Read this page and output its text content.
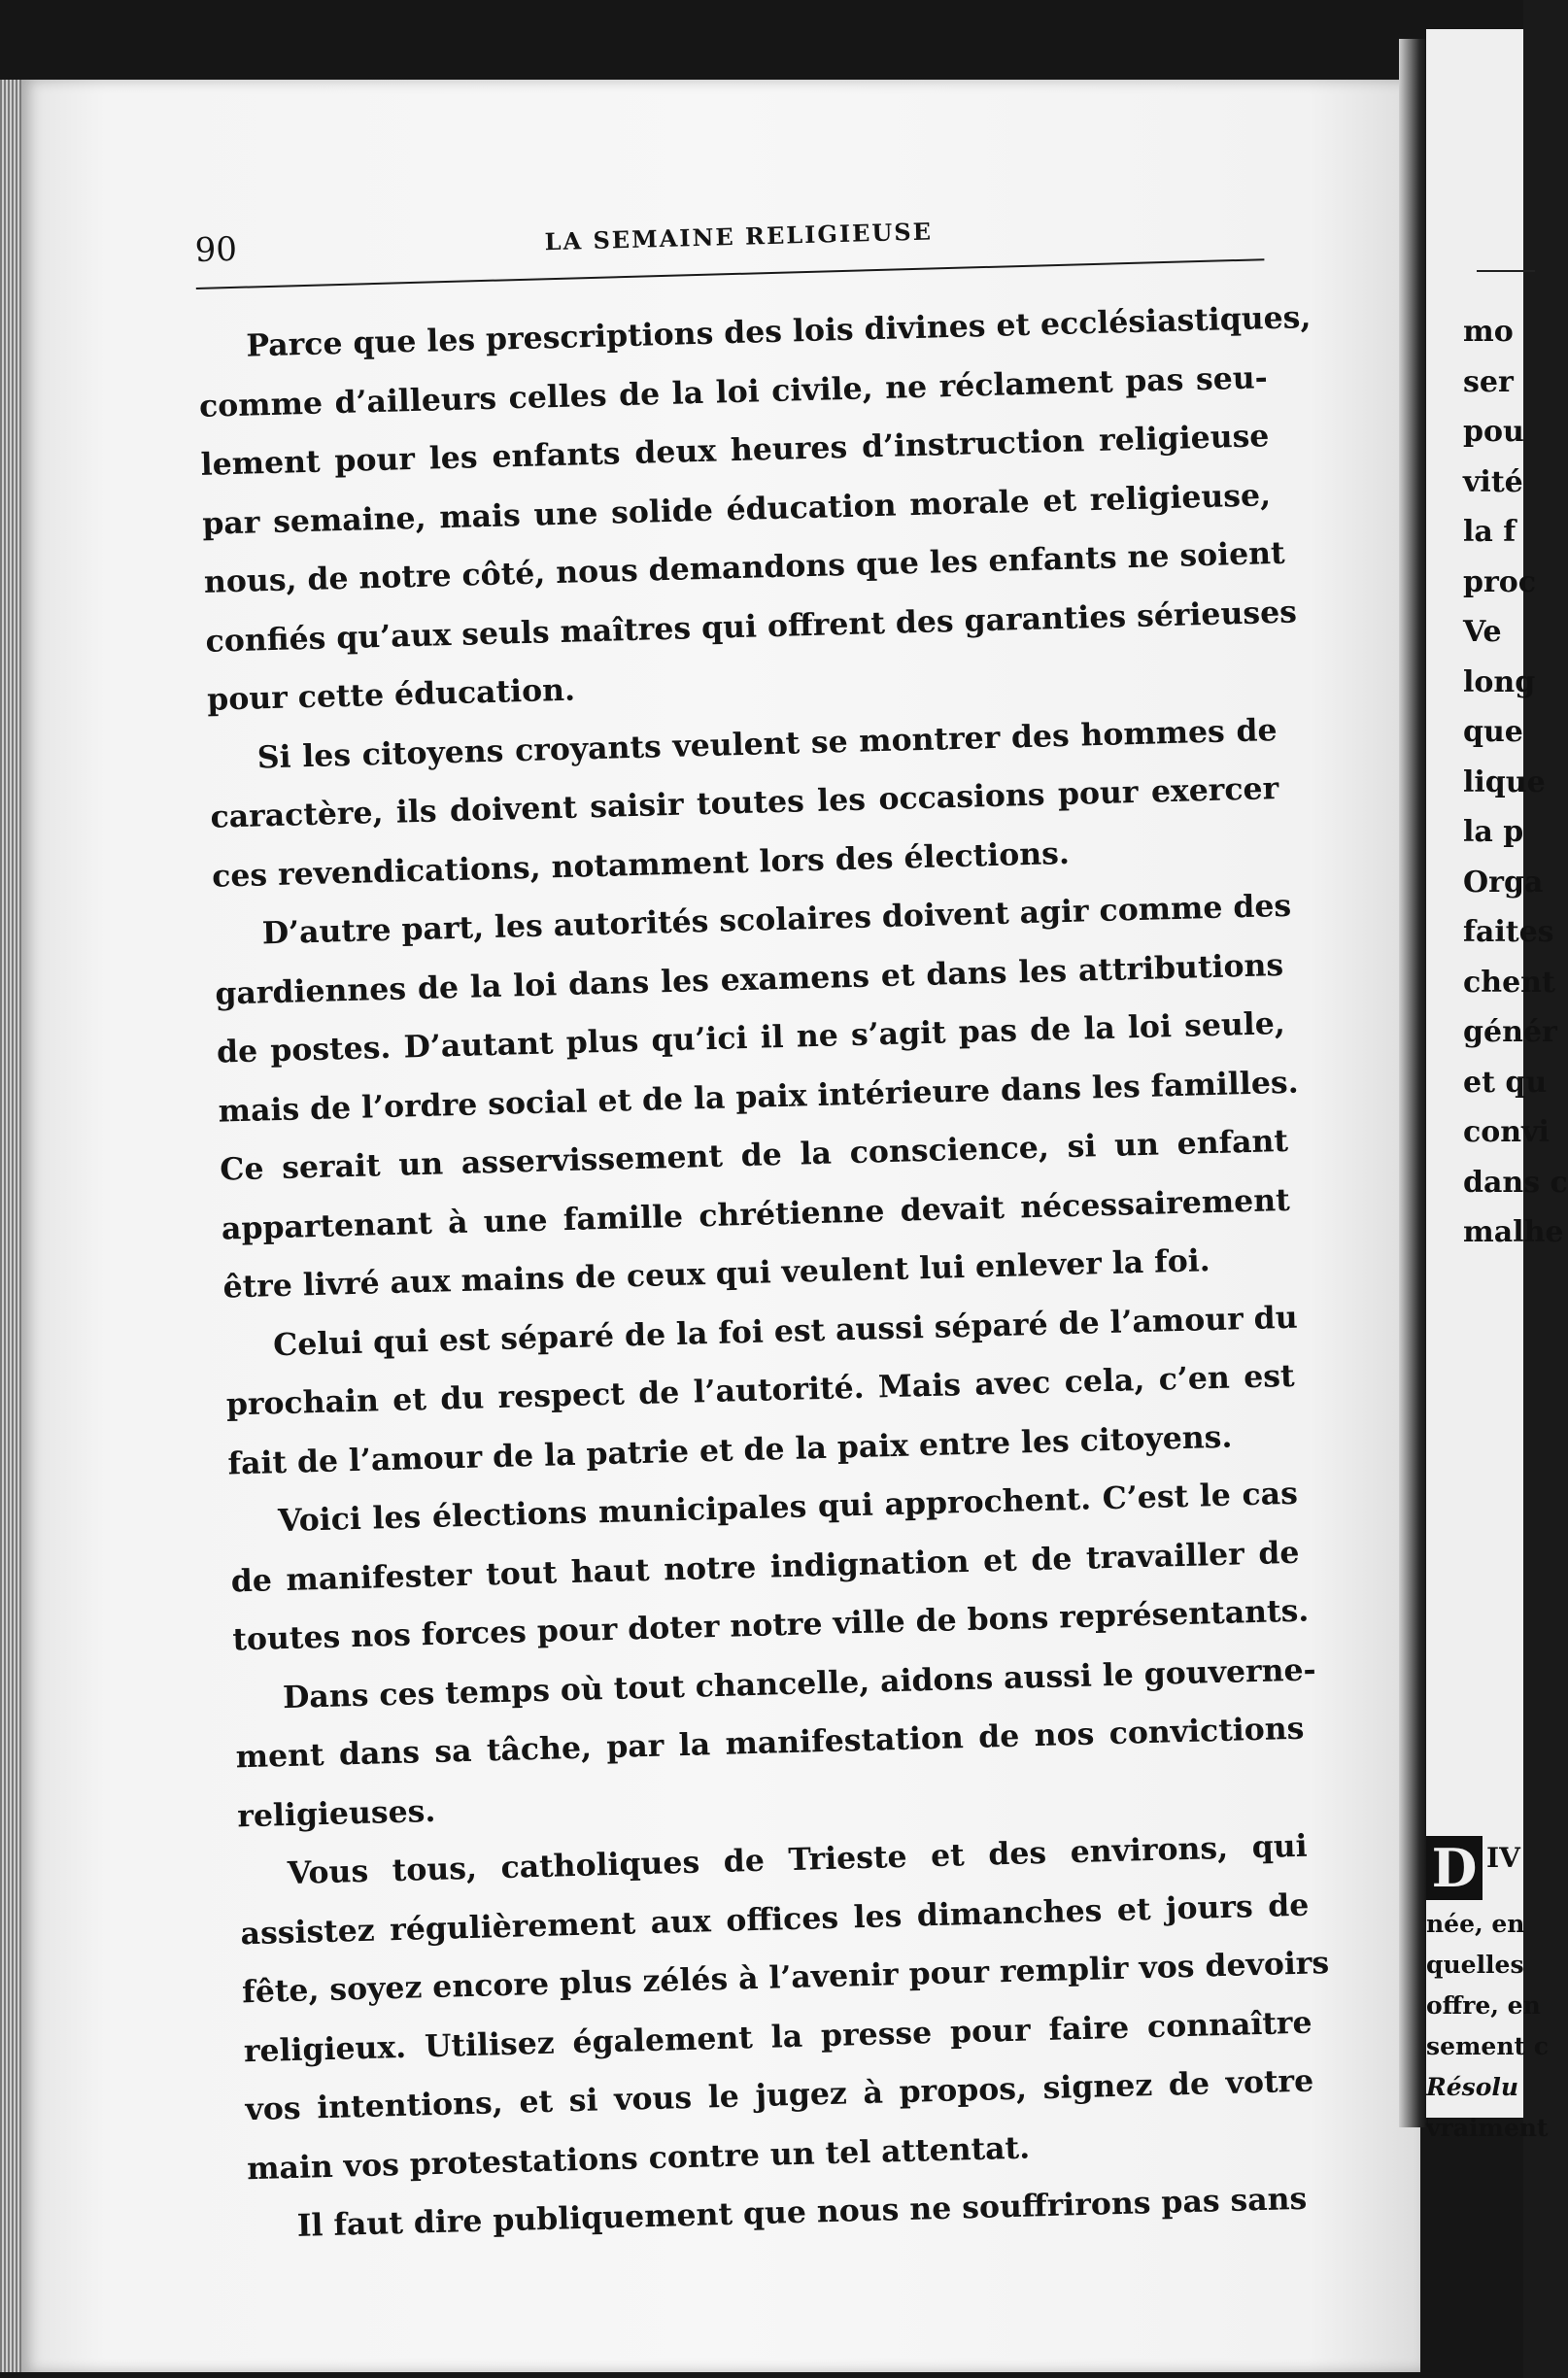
90	LA SEMAINE RELIGIEUSE
Parce que les prescriptions des lois divines et ecclésiastiques,
comme d’ailleurs celles de la loi civile, ne réclament pas seu-
lement pour les enfants deux heures d’instruction religieuse
par semaine, mais une solide éducation morale et religieuse,
nous, de notre côté, nous demandons que les enfants ne soient
confiés qu’aux seuls maîtres qui offrent des garanties sérieuses
pour cette éducation.
Si les citoyens croyants veulent se montrer des hommes de
caractère, ils doivent saisir toutes les occasions pour exercer
ces revendications, notamment lors des élections.
D’autre part, les autorités scolaires doivent agir comme des
gardiennes de la loi dans les examens et dans les attributions
de postes. D’autant plus qu’ici il ne s’agit pas de la loi seule,
mais de l’ordre social et de la paix intérieure dans les familles.
Ce serait un asservissement de la conscience, si un enfant
appartenant à une famille chrétienne devait nécessairement
être livré aux mains de ceux qui veulent lui enlever la foi.
Celui qui est séparé de la foi est aussi séparé de l’amour du
prochain et du respect de l’autorité. Mais avec cela, c’en est
fait de l’amour de la patrie et de la paix entre les citoyens.
Voici les élections municipales qui approchent. C’est le cas
de manifester tout haut notre indignation et de travailler de
toutes nos forces pour doter notre ville de bons représentants.
Dans ces temps où tout chancelle, aidons aussi le gouverne-
ment dans sa tâche, par la manifestation de nos convictions
religieuses.
Vous tous, catholiques de Trieste et des environs, qui
assistez régulièrement aux offices les dimanches et jours de
fête, soyez encore plus zélés à l’avenir pour remplir vos devoirs
religieux. Utilisez également la presse pour faire connaître
vos intentions, et si vous le jugez à propos, signez de votre
main vos protestations contre un tel attentat.
Il faut dire publiquement que nous ne souffrirons pas sans
mo
ser
pou
vité
la f
proc
Ve
long
que
lique
la p
Orga
faites
chent
génér
et qu
convi
dans c
malhe
D IV
née, en
quelles
offre, en
sement c
Résolu
vraiment
